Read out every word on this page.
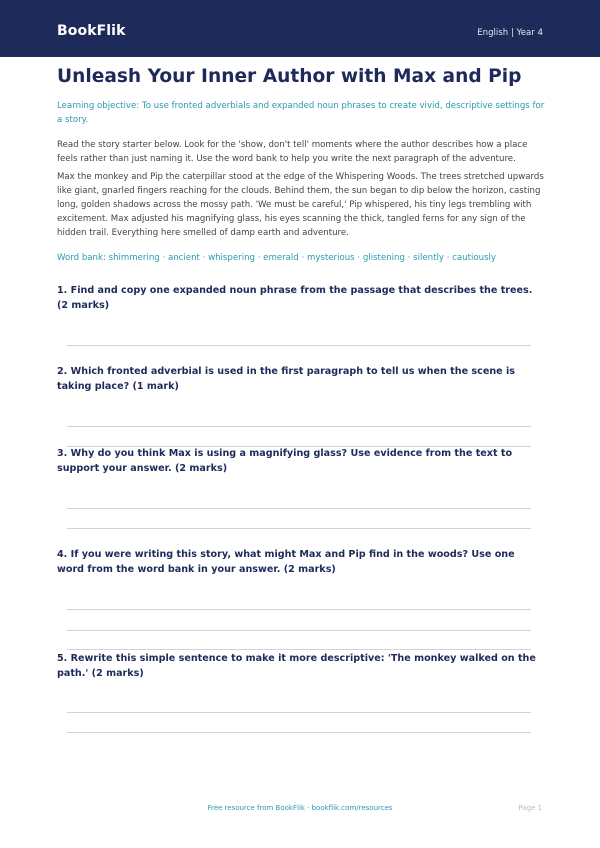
BookFlik	English | Year 4
Unleash Your Inner Author with Max and Pip
Learning objective: To use fronted adverbials and expanded noun phrases to create vivid, descriptive settings for a story.
Read the story starter below. Look for the 'show, don't tell' moments where the author describes how a place feels rather than just naming it. Use the word bank to help you write the next paragraph of the adventure.
Max the monkey and Pip the caterpillar stood at the edge of the Whispering Woods. The trees stretched upwards like giant, gnarled fingers reaching for the clouds. Behind them, the sun began to dip below the horizon, casting long, golden shadows across the mossy path. 'We must be careful,' Pip whispered, his tiny legs trembling with excitement. Max adjusted his magnifying glass, his eyes scanning the thick, tangled ferns for any sign of the hidden trail. Everything here smelled of damp earth and adventure.
Word bank: shimmering · ancient · whispering · emerald · mysterious · glistening · silently · cautiously
1. Find and copy one expanded noun phrase from the passage that describes the trees. (2 marks)
2. Which fronted adverbial is used in the first paragraph to tell us when the scene is taking place? (1 mark)
3. Why do you think Max is using a magnifying glass? Use evidence from the text to support your answer. (2 marks)
4. If you were writing this story, what might Max and Pip find in the woods? Use one word from the word bank in your answer. (2 marks)
5. Rewrite this simple sentence to make it more descriptive: 'The monkey walked on the path.' (2 marks)
Free resource from BookFlik · bookflik.com/resources	Page 1
